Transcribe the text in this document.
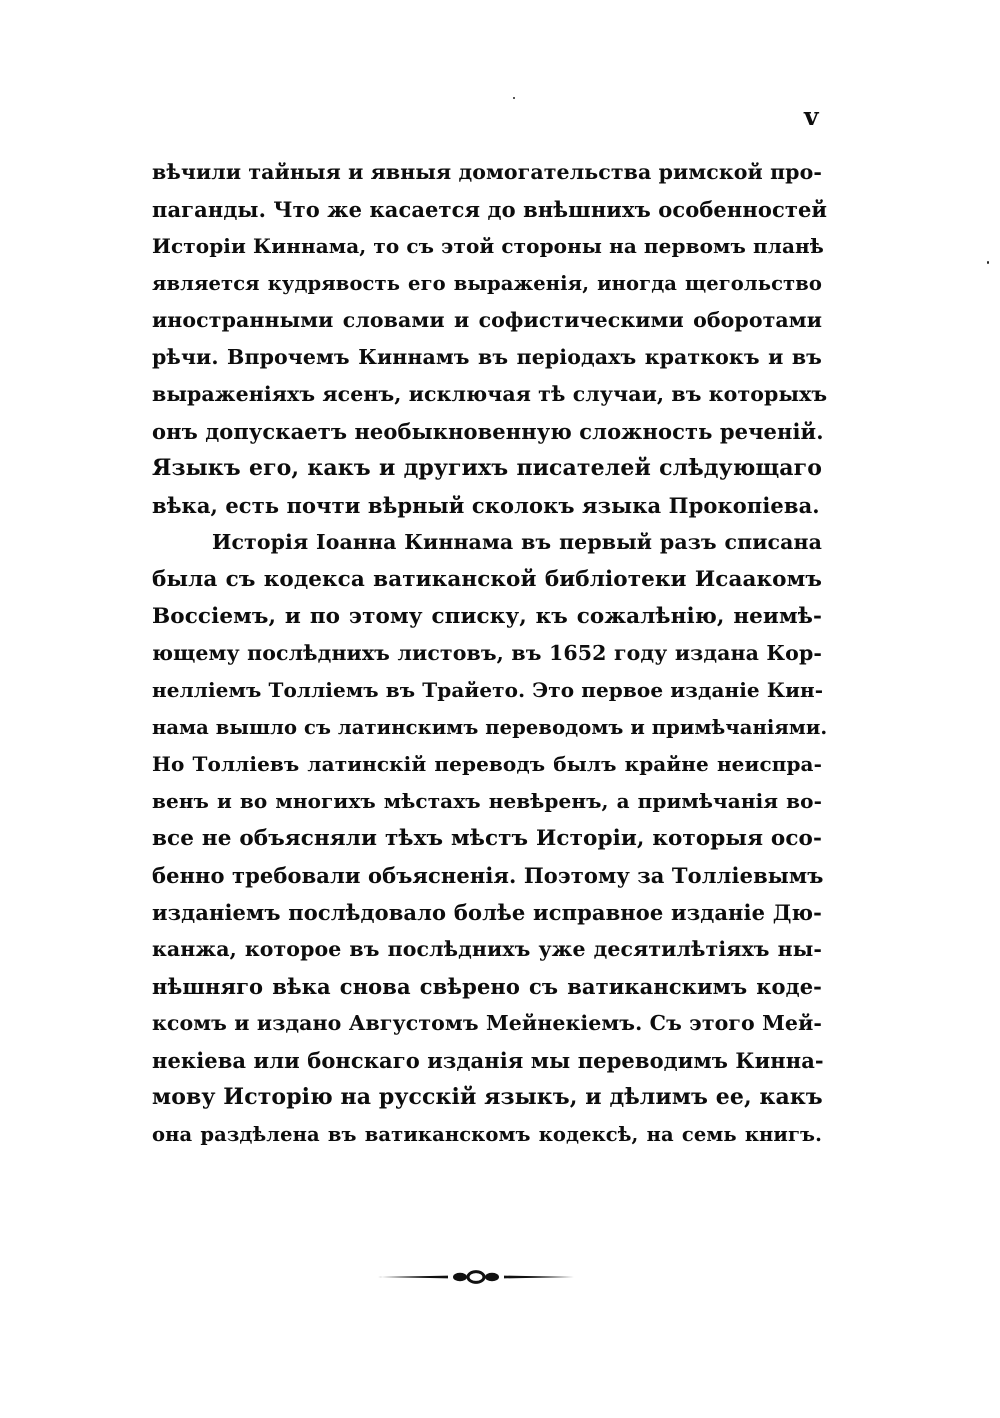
v
вѣчили тайныя и явныя домогательства римской про-
паганды. Что же касается до внѣшнихъ особенностей
Исторіи Киннама, то съ этой стороны на первомъ планѣ
является кудрявость его выраженія, иногда щегольство
иностранными словами и софистическими оборотами
рѣчи. Впрочемъ Киннамъ въ періодахъ краткокъ и въ
выраженіяхъ ясенъ, исключая тѣ случаи, въ которыхъ
онъ допускаетъ необыкновенную сложность реченій.
Языкъ его, какъ и другихъ писателей слѣдующаго
вѣка, есть почти вѣрный сколокъ языка Прокопіева.
Исторія Іоанна Киннама въ первый разъ списана
была съ кодекса ватиканской библіотеки Исаакомъ
Воссіемъ, и по этому списку, къ сожалѣнію, неимѣ-
ющему послѣднихъ листовъ, въ 1652 году издана Кор-
неллiемъ Толліемъ въ Трайето. Это первое изданіе Кин-
нама вышло съ латинскимъ переводомъ и примѣчаніями.
Но Толліевъ латинскій переводъ былъ крайне неиспра-
венъ и во многихъ мѣстахъ невѣренъ, а примѣчанія во-
все не объясняли тѣхъ мѣстъ Исторіи, которыя осо-
бенно требовали объясненія. Поэтому за Толліевымъ
изданіемъ послѣдовало болѣе исправное изданіе Дю-
канжа, которое въ послѣднихъ уже десятилѣтіяхъ ны-
нѣшняго вѣка снова свѣрено съ ватиканскимъ коде-
ксомъ и издано Августомъ Мейнекіемъ. Съ этого Мей-
некіева или бонскаго изданія мы переводимъ Кинна-
мову Исторію на русскій языкъ, и дѣлимъ ее, какъ
она раздѣлена въ ватиканскомъ кодексѣ, на семь книгъ.
